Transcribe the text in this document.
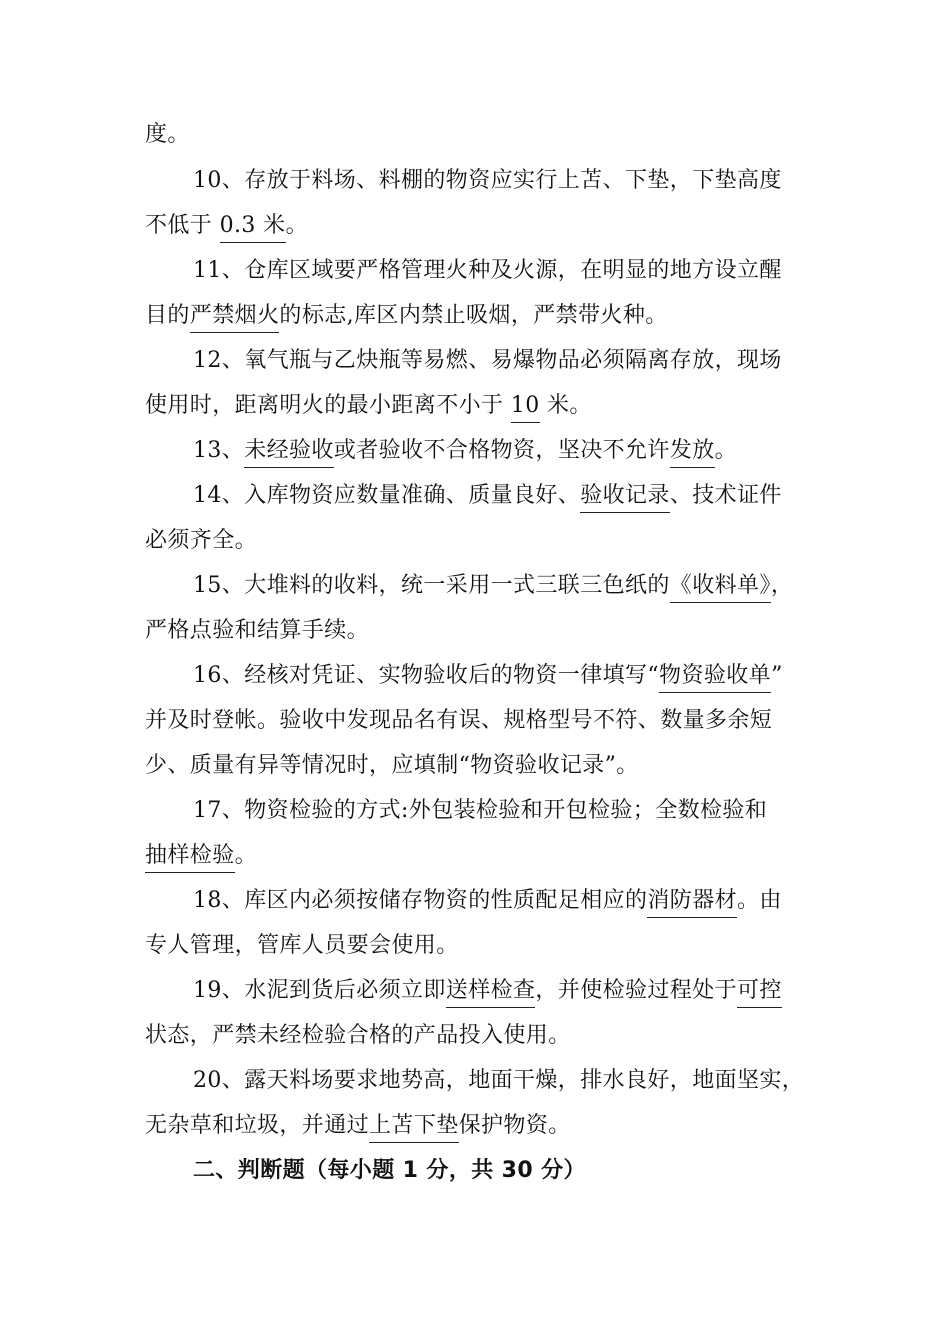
度。
10、存放于料场、料棚的物资应实行上苫、下垫，下垫高度
不低于 0.3 米。
11、仓库区域要严格管理火种及火源，在明显的地方设立醒
目的严禁烟火的标志,库区内禁止吸烟，严禁带火种。
12、氧气瓶与乙炔瓶等易燃、易爆物品必须隔离存放，现场
使用时，距离明火的最小距离不小于 10 米。
13、未经验收或者验收不合格物资，坚决不允许发放。
14、入库物资应数量准确、质量良好、验收记录、技术证件
必须齐全。
15、大堆料的收料，统一采用一式三联三色纸的《收料单》，
严格点验和结算手续。
16、经核对凭证、实物验收后的物资一律填写“物资验收单”
并及时登帐。验收中发现品名有误、规格型号不符、数量多余短
少、质量有异等情况时，应填制“物资验收记录”。
17、物资检验的方式:外包装检验和开包检验；全数检验和
抽样检验。
18、库区内必须按储存物资的性质配足相应的消防器材。由
专人管理，管库人员要会使用。
19、水泥到货后必须立即送样检查，并使检验过程处于可控
状态，严禁未经检验合格的产品投入使用。
20、露天料场要求地势高，地面干燥，排水良好，地面坚实，
无杂草和垃圾，并通过上苫下垫保护物资。
二、判断题（每小题 1 分，共 30 分）
